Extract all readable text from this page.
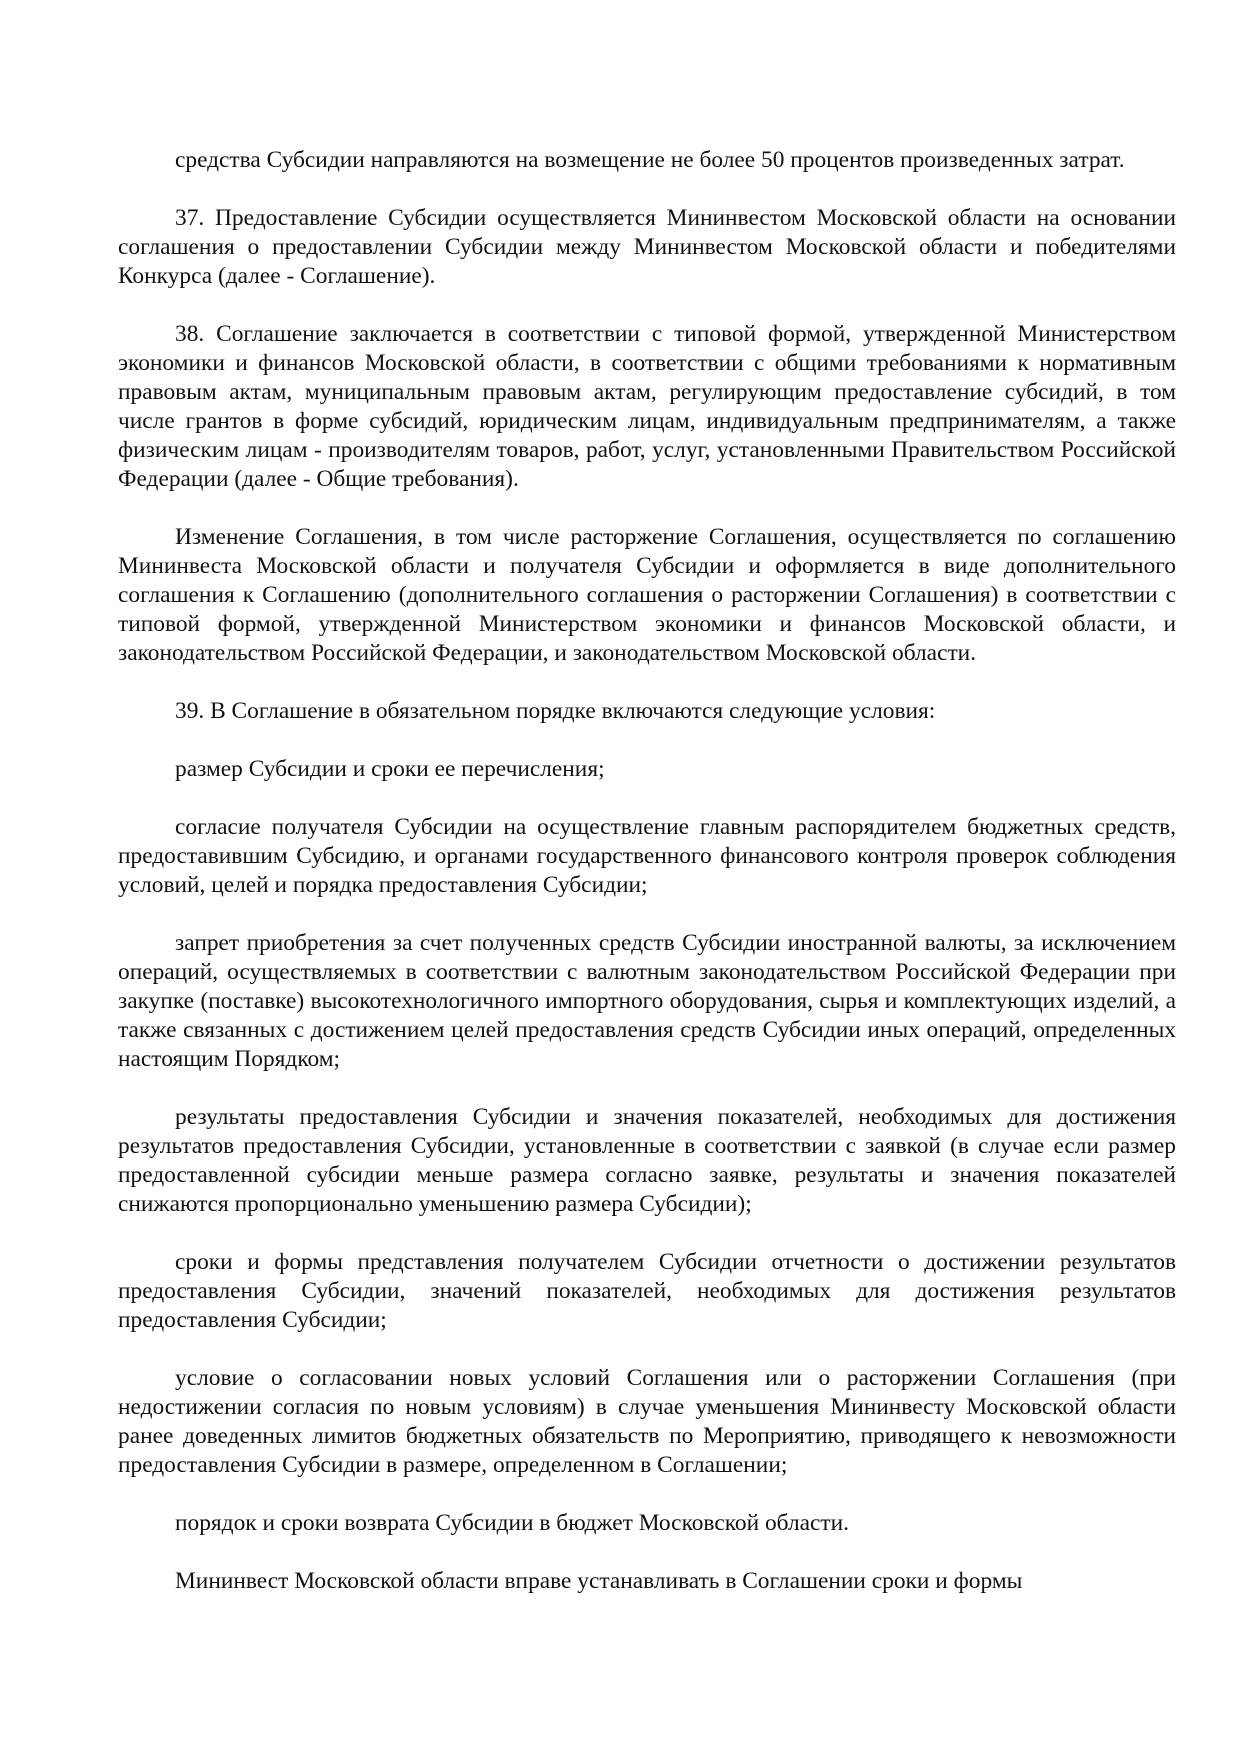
средства Субсидии направляются на возмещение не более 50 процентов произведенных затрат.

37. Предоставление Субсидии осуществляется Мининвестом Московской области на основании соглашения о предоставлении Субсидии между Мининвестом Московской области и победителями Конкурса (далее - Соглашение).

38. Соглашение заключается в соответствии с типовой формой, утвержденной Министерством экономики и финансов Московской области, в соответствии с общими требованиями к нормативным правовым актам, муниципальным правовым актам, регулирующим предоставление субсидий, в том числе грантов в форме субсидий, юридическим лицам, индивидуальным предпринимателям, а также физическим лицам - производителям товаров, работ, услуг, установленными Правительством Российской Федерации (далее - Общие требования).

Изменение Соглашения, в том числе расторжение Соглашения, осуществляется по соглашению Мининвеста Московской области и получателя Субсидии и оформляется в виде дополнительного соглашения к Соглашению (дополнительного соглашения о расторжении Соглашения) в соответствии с типовой формой, утвержденной Министерством экономики и финансов Московской области, и законодательством Российской Федерации, и законодательством Московской области.

39. В Соглашение в обязательном порядке включаются следующие условия:

размер Субсидии и сроки ее перечисления;

согласие получателя Субсидии на осуществление главным распорядителем бюджетных средств, предоставившим Субсидию, и органами государственного финансового контроля проверок соблюдения условий, целей и порядка предоставления Субсидии;

запрет приобретения за счет полученных средств Субсидии иностранной валюты, за исключением операций, осуществляемых в соответствии с валютным законодательством Российской Федерации при закупке (поставке) высокотехнологичного импортного оборудования, сырья и комплектующих изделий, а также связанных с достижением целей предоставления средств Субсидии иных операций, определенных настоящим Порядком;

результаты предоставления Субсидии и значения показателей, необходимых для достижения результатов предоставления Субсидии, установленные в соответствии с заявкой (в случае если размер предоставленной субсидии меньше размера согласно заявке, результаты и значения показателей снижаются пропорционально уменьшению размера Субсидии);

сроки и формы представления получателем Субсидии отчетности о достижении результатов предоставления Субсидии, значений показателей, необходимых для достижения результатов предоставления Субсидии;

условие о согласовании новых условий Соглашения или о расторжении Соглашения (при недостижении согласия по новым условиям) в случае уменьшения Мининвесту Московской области ранее доведенных лимитов бюджетных обязательств по Мероприятию, приводящего к невозможности предоставления Субсидии в размере, определенном в Соглашении;

порядок и сроки возврата Субсидии в бюджет Московской области.

Мининвест Московской области вправе устанавливать в Соглашении сроки и формы
